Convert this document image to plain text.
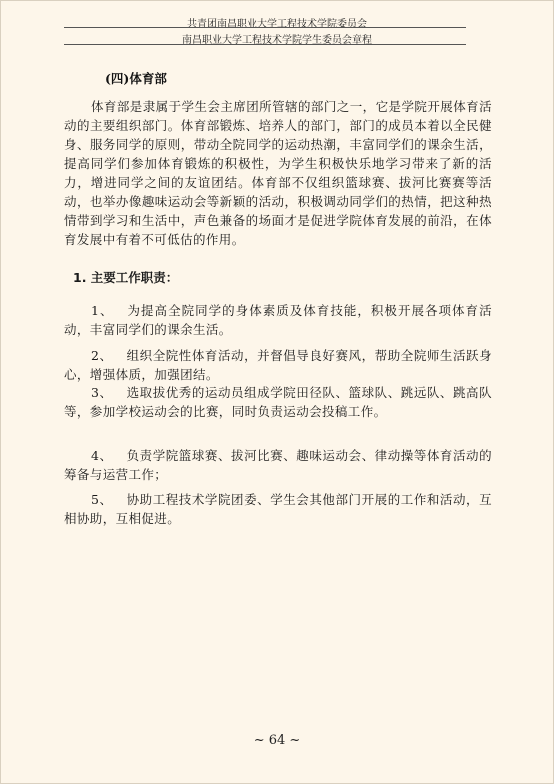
共青团南昌职业大学工程技术学院委员会
南昌职业大学工程技术学院学生委员会章程
(四)体育部

体育部是隶属于学生会主席团所管辖的部门之一，它是学院开展体育活动的主要组织部门。体育部锻炼、培养人的部门，部门的成员本着以全民健身、服务同学的原则，带动全院同学的运动热潮，丰富同学们的课余生活，提高同学们参加体育锻炼的积极性，为学生积极快乐地学习带来了新的活力，增进同学之间的友谊团结。体育部不仅组织篮球赛、拔河比赛赛等活动，也举办像趣味运动会等新颖的活动，积极调动同学们的热情，把这种热情带到学习和生活中，声色兼备的场面才是促进学院体育发展的前沿，在体育发展中有着不可低估的作用。

1. 主要工作职责：

1、 为提高全院同学的身体素质及体育技能，积极开展各项体育活动，丰富同学们的课余生活。

2、 组织全院性体育活动，并督倡导良好赛风，帮助全院师生活跃身心，增强体质，加强团结。

3、 选取拔优秀的运动员组成学院田径队、篮球队、跳远队、跳高队等，参加学校运动会的比赛，同时负责运动会投稿工作。

4、 负责学院篮球赛、拔河比赛、趣味运动会、律动操等体育活动的筹备与运营工作；

5、 协助工程技术学院团委、学生会其他部门开展的工作和活动，互相协助，互相促进。

~ 64 ~
